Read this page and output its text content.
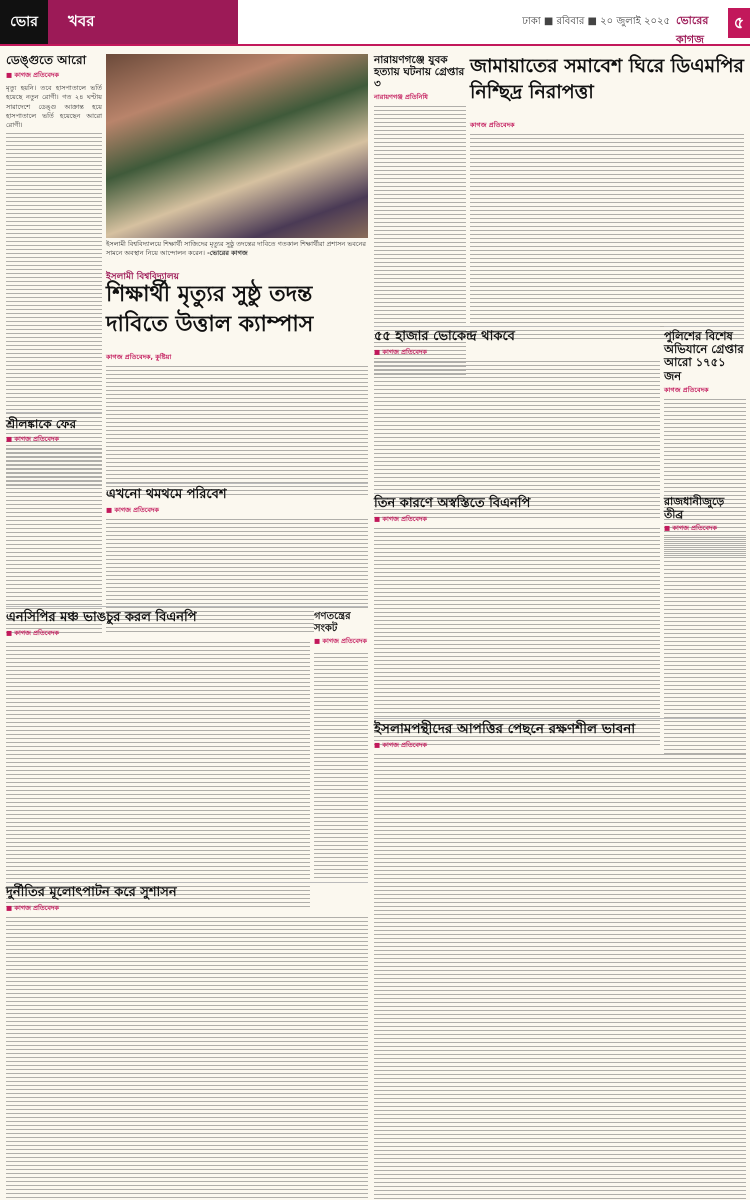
ভোর	খবর	ঢাকা ■ রবিবার ■ ২০ জুলাই ২০২৫ ভোরের কাগজ
৫
ডেঙ্গুতে আরো
■ কাগজ প্রতিবেদক
মৃত্যু হয়নি। তবে হাসপাতালে ভর্তি হয়েছে নতুন রোগী। গত ২৪ ঘণ্টায় সারাদেশে ডেঙ্গু আক্রান্ত হয়ে হাসপাতালে ভর্তি হয়েছেন আরো রোগী।
শ্রীলঙ্কাকে ফের
■ কাগজ প্রতিবেদক
ইসলামী বিশ্ববিদ্যালয়ে শিক্ষার্থী সাজিদের মৃত্যুর সুষ্ঠু তদন্তের দাবিতে গতকাল শিক্ষার্থীরা প্রশাসন ভবনের সামনে অবস্থান নিয়ে আন্দোলন করেন। -ভোরের কাগজ
ইসলামী বিশ্ববিদ্যালয়
শিক্ষার্থী মৃত্যুর সুষ্ঠু তদন্ত দাবিতে উত্তাল ক্যাম্পাস
কাগজ প্রতিবেদক, কুষ্টিয়া
এখনো থমথমে পরিবেশ
■ কাগজ প্রতিবেদক
এনসিপির মঞ্চ ভাঙচুর করল বিএনপি
■ কাগজ প্রতিবেদক
দুর্নীতির মূলোৎপাটন করে সুশাসন
■ কাগজ প্রতিবেদক
নারায়ণগঞ্জে যুবক হত্যায় ঘটনায় গ্রেপ্তার ৩
নারায়ণগঞ্জ প্রতিনিধি
জামায়াতের সমাবেশ ঘিরে ডিএমপির নিশ্ছিদ্র নিরাপত্তা
কাগজ প্রতিবেদক
পুলিশের বিশেষ অভিযানে গ্রেপ্তার আরো ১৭৫১ জন
কাগজ প্রতিবেদক
রাজধানীজুড়ে তীব্র
■ কাগজ প্রতিবেদক
৫৫ হাজার ভোকেন্দ্র থাকবে
■ কাগজ প্রতিবেদক
তিন কারণে অস্বস্তিতে বিএনপি
■ কাগজ প্রতিবেদক
ইসলামপন্থীদের আপত্তির পেছনে রক্ষণশীল ভাবনা
■ কাগজ প্রতিবেদক
গণতন্ত্রের সংকট
■ কাগজ প্রতিবেদক
